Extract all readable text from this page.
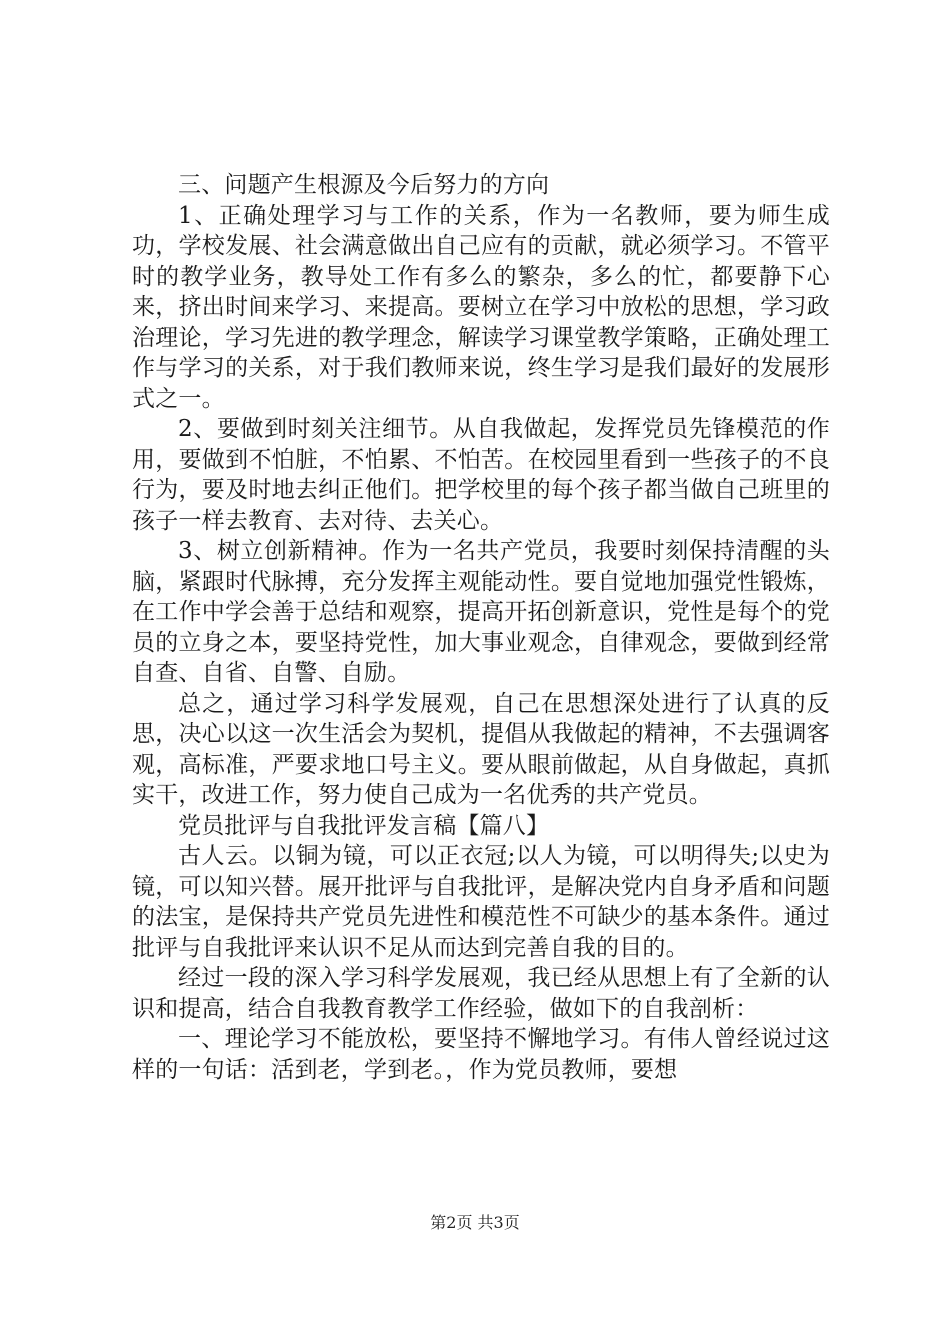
三、问题产生根源及今后努力的方向

1、正确处理学习与工作的关系，作为一名教师，要为师生成功，学校发展、社会满意做出自己应有的贡献，就必须学习。不管平时的教学业务，教导处工作有多么的繁杂，多么的忙，都要静下心来，挤出时间来学习、来提高。要树立在学习中放松的思想，学习政治理论，学习先进的教学理念，解读学习课堂教学策略，正确处理工作与学习的关系，对于我们教师来说，终生学习是我们最好的发展形式之一。

2、要做到时刻关注细节。从自我做起，发挥党员先锋模范的作用，要做到不怕脏，不怕累、不怕苦。在校园里看到一些孩子的不良行为，要及时地去纠正他们。把学校里的每个孩子都当做自己班里的孩子一样去教育、去对待、去关心。

3、树立创新精神。作为一名共产党员，我要时刻保持清醒的头脑，紧跟时代脉搏，充分发挥主观能动性。要自觉地加强党性锻炼，在工作中学会善于总结和观察，提高开拓创新意识，党性是每个的党员的立身之本，要坚持党性，加大事业观念，自律观念，要做到经常自查、自省、自警、自励。

总之，通过学习科学发展观，自己在思想深处进行了认真的反思，决心以这一次生活会为契机，提倡从我做起的精神，不去强调客观，高标准，严要求地口号主义。要从眼前做起，从自身做起，真抓实干，改进工作，努力使自己成为一名优秀的共产党员。

党员批评与自我批评发言稿【篇八】

古人云。以铜为镜，可以正衣冠;以人为镜，可以明得失;以史为镜，可以知兴替。展开批评与自我批评，是解决党内自身矛盾和问题的法宝，是保持共产党员先进性和模范性不可缺少的基本条件。通过批评与自我批评来认识不足从而达到完善自我的目的。

经过一段的深入学习科学发展观，我已经从思想上有了全新的认识和提高，结合自我教育教学工作经验，做如下的自我剖析：

一、理论学习不能放松，要坚持不懈地学习。有伟人曾经说过这样的一句话：活到老，学到老。，作为党员教师，要想

第2页 共3页
